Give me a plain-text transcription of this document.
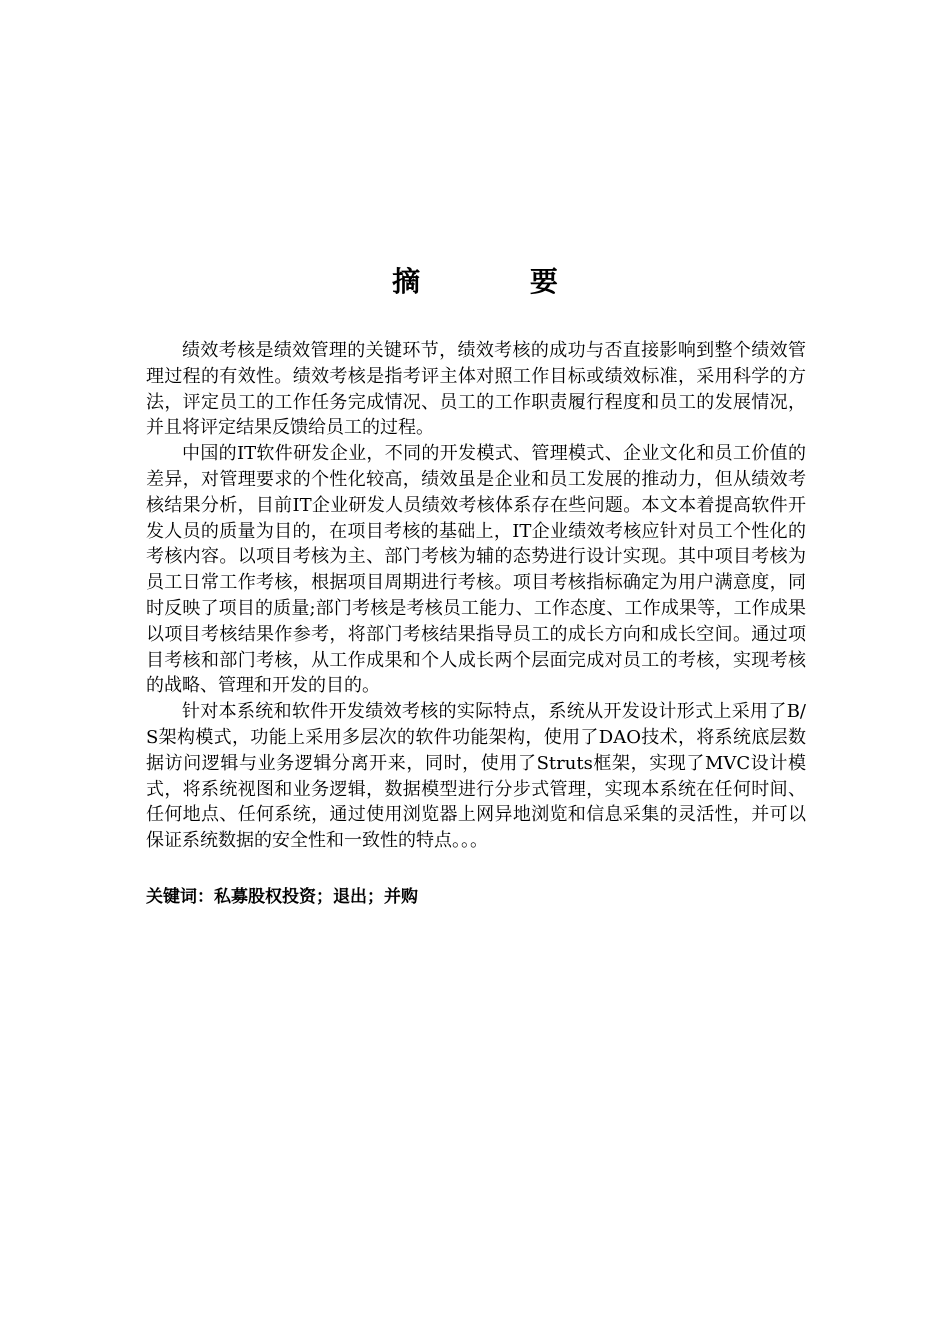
摘 要

绩效考核是绩效管理的关键环节，绩效考核的成功与否直接影响到整个绩效管理过程的有效性。绩效考核是指考评主体对照工作目标或绩效标准，采用科学的方法，评定员工的工作任务完成情况、员工的工作职责履行程度和员工的发展情况，并且将评定结果反馈给员工的过程。

中国的IT软件研发企业，不同的开发模式、管理模式、企业文化和员工价值的差异，对管理要求的个性化较高，绩效虽是企业和员工发展的推动力，但从绩效考核结果分析，目前IT企业研发人员绩效考核体系存在些问题。本文本着提高软件开发人员的质量为目的，在项目考核的基础上，IT企业绩效考核应针对员工个性化的考核内容。以项目考核为主、部门考核为辅的态势进行设计实现。其中项目考核为员工日常工作考核，根据项目周期进行考核。项目考核指标确定为用户满意度，同时反映了项目的质量;部门考核是考核员工能力、工作态度、工作成果等，工作成果以项目考核结果作参考，将部门考核结果指导员工的成长方向和成长空间。通过项目考核和部门考核，从工作成果和个人成长两个层面完成对员工的考核，实现考核的战略、管理和开发的目的。

针对本系统和软件开发绩效考核的实际特点，系统从开发设计形式上采用了B/S架构模式，功能上采用多层次的软件功能架构，使用了DAO技术，将系统底层数据访问逻辑与业务逻辑分离开来，同时，使用了Struts框架，实现了MVC设计模式，将系统视图和业务逻辑，数据模型进行分步式管理，实现本系统在任何时间、任何地点、任何系统，通过使用浏览器上网异地浏览和信息采集的灵活性，并可以保证系统数据的安全性和一致性的特点。。。

关键词：私募股权投资；退出；并购
